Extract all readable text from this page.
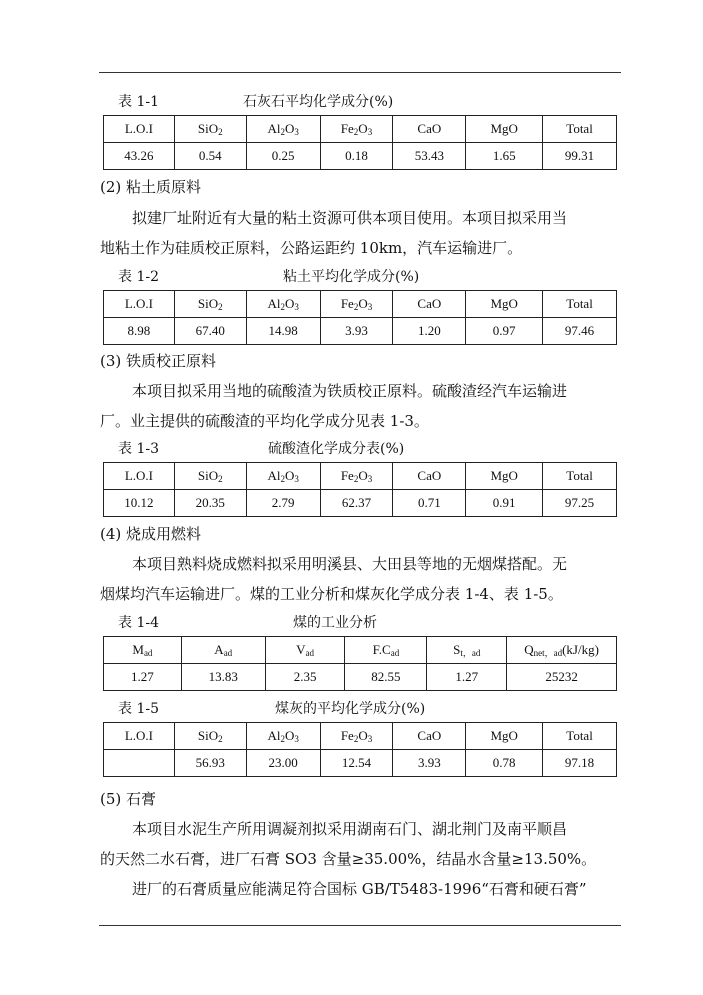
表 1-1	石灰石平均化学成分(%)
L.O.I	SiO$_2$	$Al_2O_3$	$Fe_2O_3$	CaO	MgO	Total
43.26	0.54	0.25	0.18	53.43	1.65	99.31
(2) 粘土质原料
拟建厂址附近有大量的粘土资源可供本项目使用。本项目拟采用当
地粘土作为硅质校正原料，公路运距约 10km，汽车运输进厂。
表 1-2	粘土平均化学成分(%)
L.O.I	SiO$_2$	$Al_2O_3$	$Fe_2O_3$	CaO	MgO	Total
8.98	67.40	14.98	3.93	1.20	0.97	97.46
(3) 铁质校正原料
本项目拟采用当地的硫酸渣为铁质校正原料。硫酸渣经汽车运输进
厂。业主提供的硫酸渣的平均化学成分见表 1-3。
表 1-3	硫酸渣化学成分表(%)
L.O.I	SiO$_2$	$Al_2O_3$	$Fe_2O_3$	CaO	MgO	Total
10.12	20.35	2.79	62.37	0.71	0.91	97.25
(4) 烧成用燃料
本项目熟料烧成燃料拟采用明溪县、大田县等地的无烟煤搭配。无
烟煤均汽车运输进厂。煤的工业分析和煤灰化学成分表 1-4、表 1-5。
表 1-4	煤的工业分析
$M_{ad}$	$A_{ad}$	$V_{ad}$	$F.C_{ad}$	$S_{t,ad}$	$Q_{net,ad}(kJ/kg)$
1.27	13.83	2.35	82.55	1.27	25232
表 1-5	煤灰的平均化学成分(%)
L.O.I	SiO$_2$	$Al_2O_3$	$Fe_2O_3$	CaO	MgO	Total
	56.93	23.00	12.54	3.93	0.78	97.18
(5) 石膏
本项目水泥生产所用调凝剂拟采用湖南石门、湖北荆门及南平顺昌
的天然二水石膏，进厂石膏 SO3 含量≥35.00%，结晶水含量≥13.50%。
进厂的石膏质量应能满足符合国标 GB/T5483-1996“石膏和硬石膏”
